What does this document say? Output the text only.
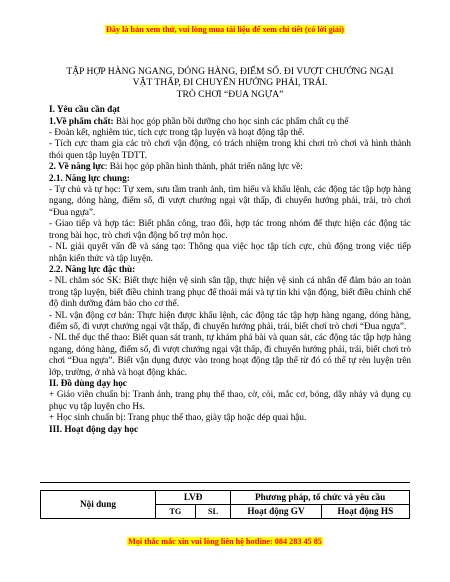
Đây là bản xem thử, vui lòng mua tài liệu để xem chi tiết (có lời giải)
TẬP HỢP HÀNG NGANG, DÓNG HÀNG, ĐIỂM SỐ. ĐI VƯỢT CHƯỚNG NGẠI
VẬT THẤP, ĐI CHUYỂN HƯỚNG PHẢI, TRÁI.
TRÒ CHƠI “ĐUA NGỰA”

I. Yêu cầu cần đạt

1.Về phẩm chất: Bài học góp phần bồi dưỡng cho học sinh các phẩm chất cụ thể

- Đoàn kết, nghiêm túc, tích cực trong tập luyện và hoạt động tập thể.

- Tích cực tham gia các trò chơi vận động, có trách nhiệm trong khi chơi trò chơi và hình thành thói quen tập luyện TDTT.

2. Về năng lực: Bài học góp phần hình thành, phát triển năng lực về:

2.1. Năng lực chung:

- Tự chủ và tự học: Tự xem, sưu tầm tranh ảnh, tìm hiểu và khẩu lệnh, các động tác tập hợp hàng ngang, dóng hàng, điểm số, đi vượt chướng ngại vật thấp, đi chuyển hướng phải, trái, trò chơi “Đua ngựa”.

- Giao tiếp và hợp tác: Biết phân công, trao đổi, hợp tác trong nhóm để thực hiện các động tác trong bài học, trò chơi vận động bổ trợ môn học.

- NL giải quyết vấn đề và sáng tạo: Thông qua việc học tập tích cực, chủ động trong việc tiếp nhận kiến thức và tập luyện.

2.2. Năng lực đặc thù:

- NL chăm sóc SK: Biết thực hiện vệ sinh sân tập, thực hiện vệ sinh cá nhân để đảm bảo an toàn trong tập luyện, biết điều chỉnh trang phục để thoải mái và tự tin khi vận động, biết điều chỉnh chế độ dinh dưỡng đảm bảo cho cơ thể.

- NL vận động cơ bản: Thực hiện được khẩu lệnh, các động tác tập hợp hàng ngang, dóng hàng, điểm số, đi vượt chướng ngại vật thấp, đi chuyển hướng phải, trái, biết chơi trò chơi “Đua ngựa”.

- NL thể dục thể thao: Biết quan sát tranh, tự khám phá bài và quan sát, các động tác tập hợp hàng ngang, dóng hàng, điểm số, đi vượt chướng ngại vật thấp, đi chuyển hướng phải, trái, biết chơi trò chơi “Đua ngựa”. Biết vận dụng được vào trong hoạt động tập thể từ đó có thể tự rèn luyện trên lớp, trường, ở nhà và hoạt động khác.

II. Đồ dùng dạy học

+ Giáo viên chuẩn bị: Tranh ảnh, trang phụ thể thao, cờ, còi, mắc cơ, bóng, dây nhảy và dụng cụ phục vụ tập luyện cho Hs.

+ Học sinh chuẩn bị: Trang phục thể thao, giày tập hoặc dép quai hậu.

III. Hoạt động dạy học

Nội dung	LVĐ		Phương pháp, tổ chức và yêu cầu	
	TG	SL	Hoạt động GV	Hoạt động HS
Mọi thắc mắc xin vui lòng liên hệ hotline: 084 283 45 85
